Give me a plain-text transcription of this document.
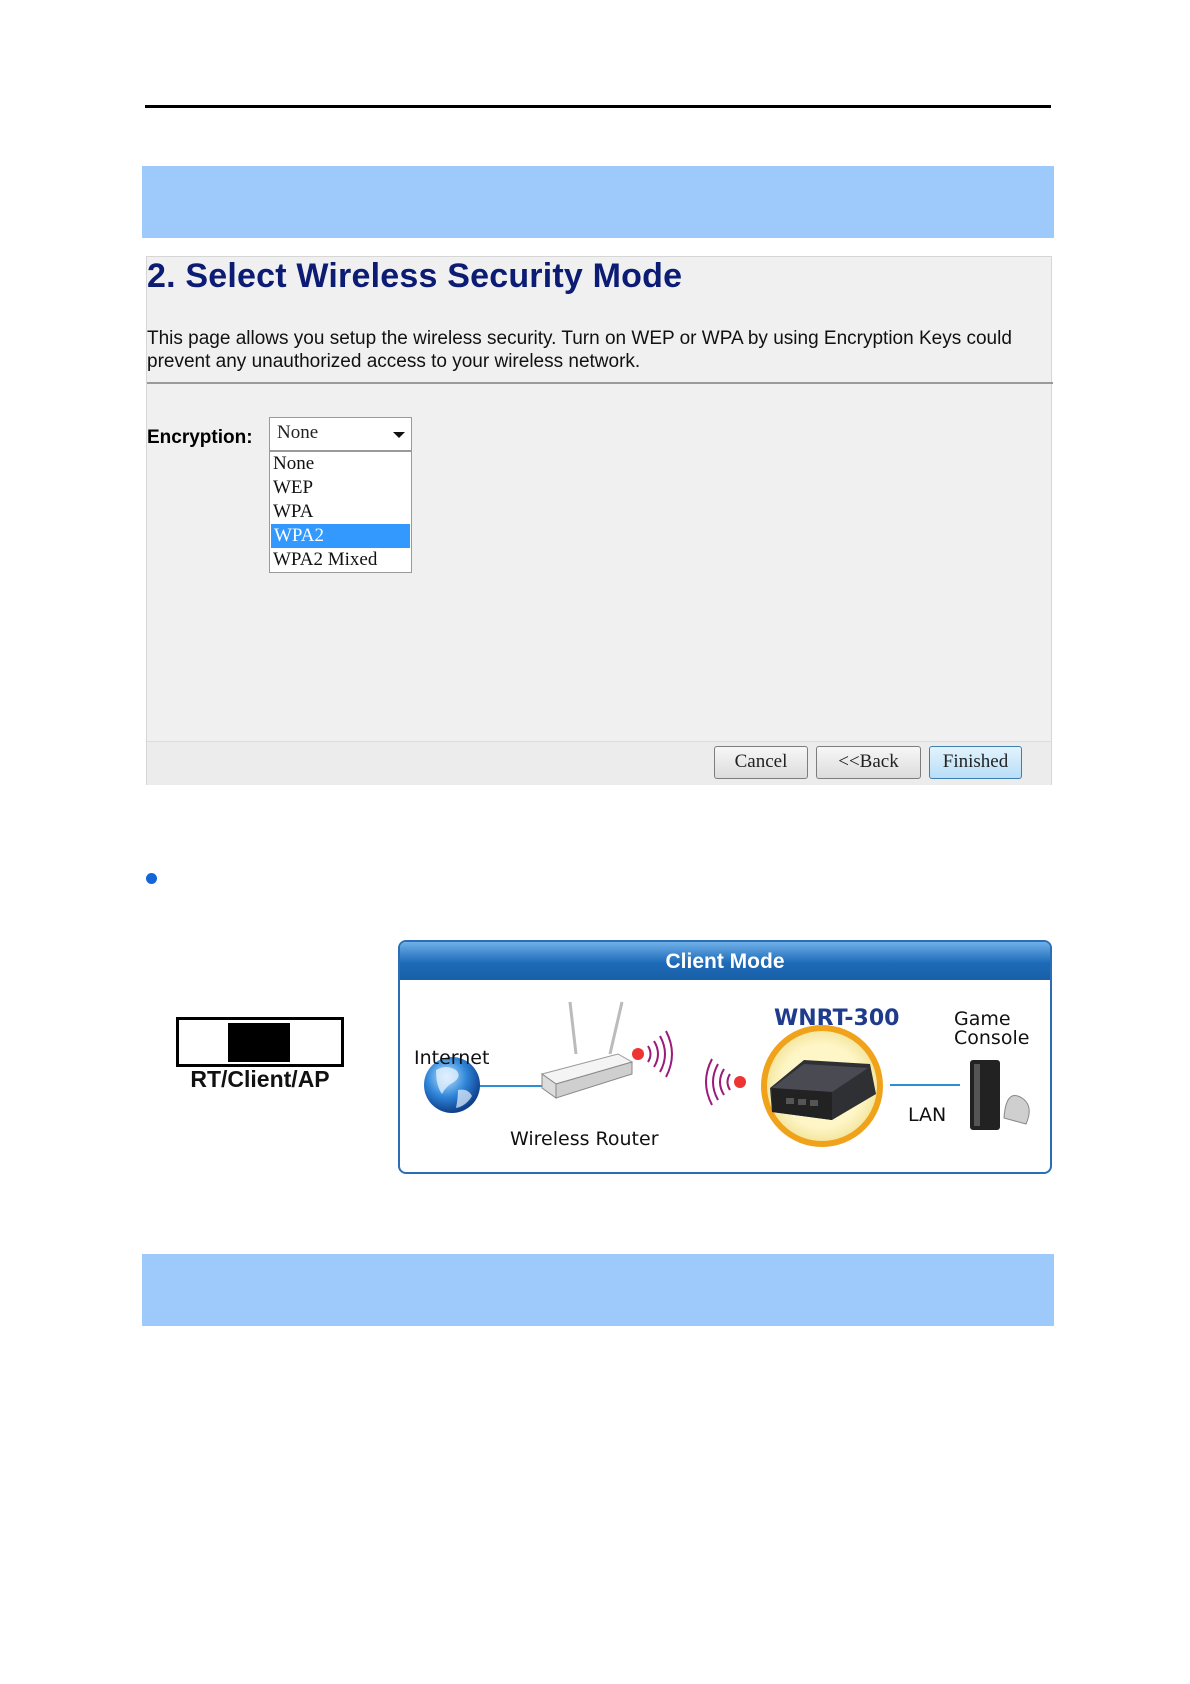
2. Select Wireless Security Mode

This page allows you setup the wireless security. Turn on WEP or WPA by using Encryption Keys could prevent any unauthorized access to your wireless network.

Encryption: None
None
WEP
WPA
WPA2
WPA2 Mixed
Cancel	<<Back	Finished
RT/Client/AP
Client Mode
Internet
Wireless Router
WNRT-300	Game
Console
LAN
